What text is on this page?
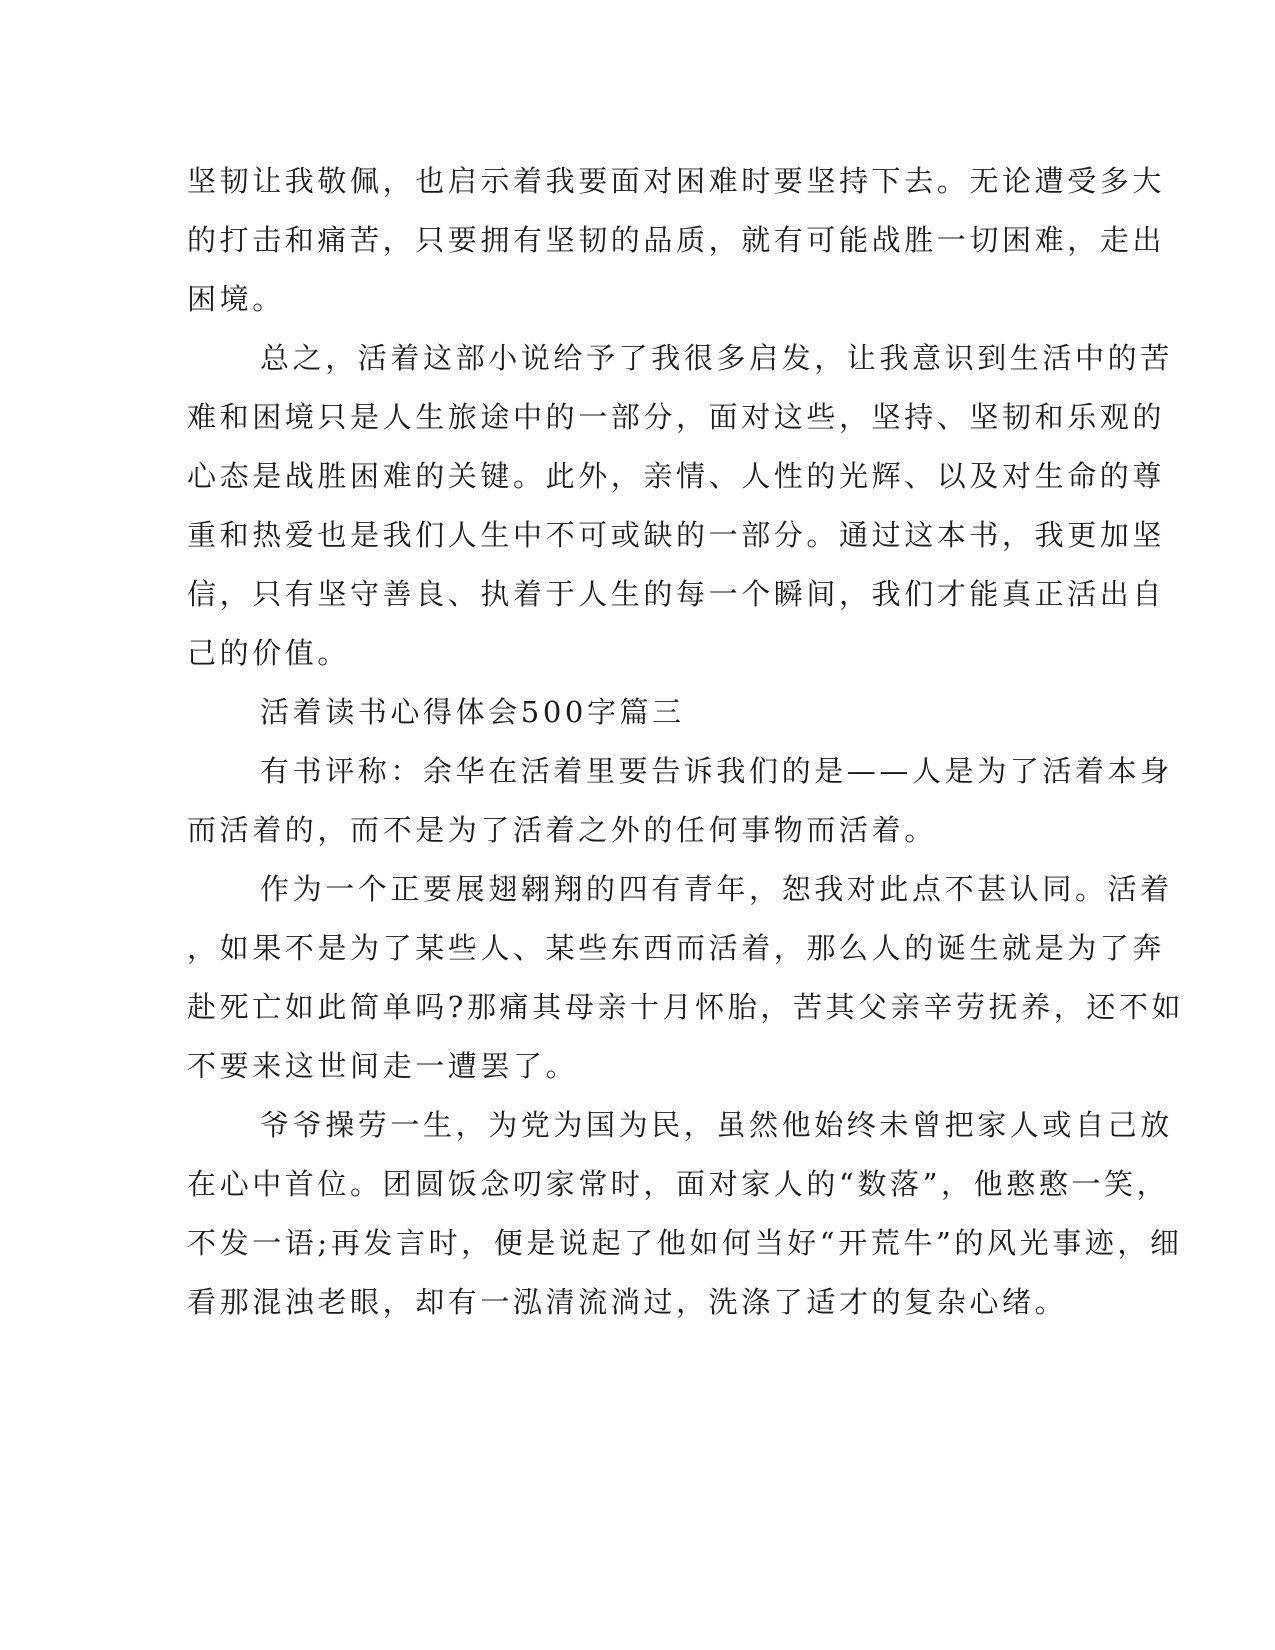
坚韧让我敬佩，也启示着我要面对困难时要坚持下去。无论遭受多大
的打击和痛苦，只要拥有坚韧的品质，就有可能战胜一切困难，走出
困境。
总之，活着这部小说给予了我很多启发，让我意识到生活中的苦
难和困境只是人生旅途中的一部分，面对这些，坚持、坚韧和乐观的
心态是战胜困难的关键。此外，亲情、人性的光辉、以及对生命的尊
重和热爱也是我们人生中不可或缺的一部分。通过这本书，我更加坚
信，只有坚守善良、执着于人生的每一个瞬间，我们才能真正活出自
己的价值。
活着读书心得体会500字篇三
有书评称：余华在活着里要告诉我们的是——人是为了活着本身
而活着的，而不是为了活着之外的任何事物而活着。
作为一个正要展翅翱翔的四有青年，恕我对此点不甚认同。活着
，如果不是为了某些人、某些东西而活着，那么人的诞生就是为了奔
赴死亡如此简单吗?那痛其母亲十月怀胎，苦其父亲辛劳抚养，还不如
不要来这世间走一遭罢了。
爷爷操劳一生，为党为国为民，虽然他始终未曾把家人或自己放
在心中首位。团圆饭念叨家常时，面对家人的“数落”，他憨憨一笑，
不发一语;再发言时，便是说起了他如何当好“开荒牛”的风光事迹，细
看那混浊老眼，却有一泓清流淌过，洗涤了适才的复杂心绪。
